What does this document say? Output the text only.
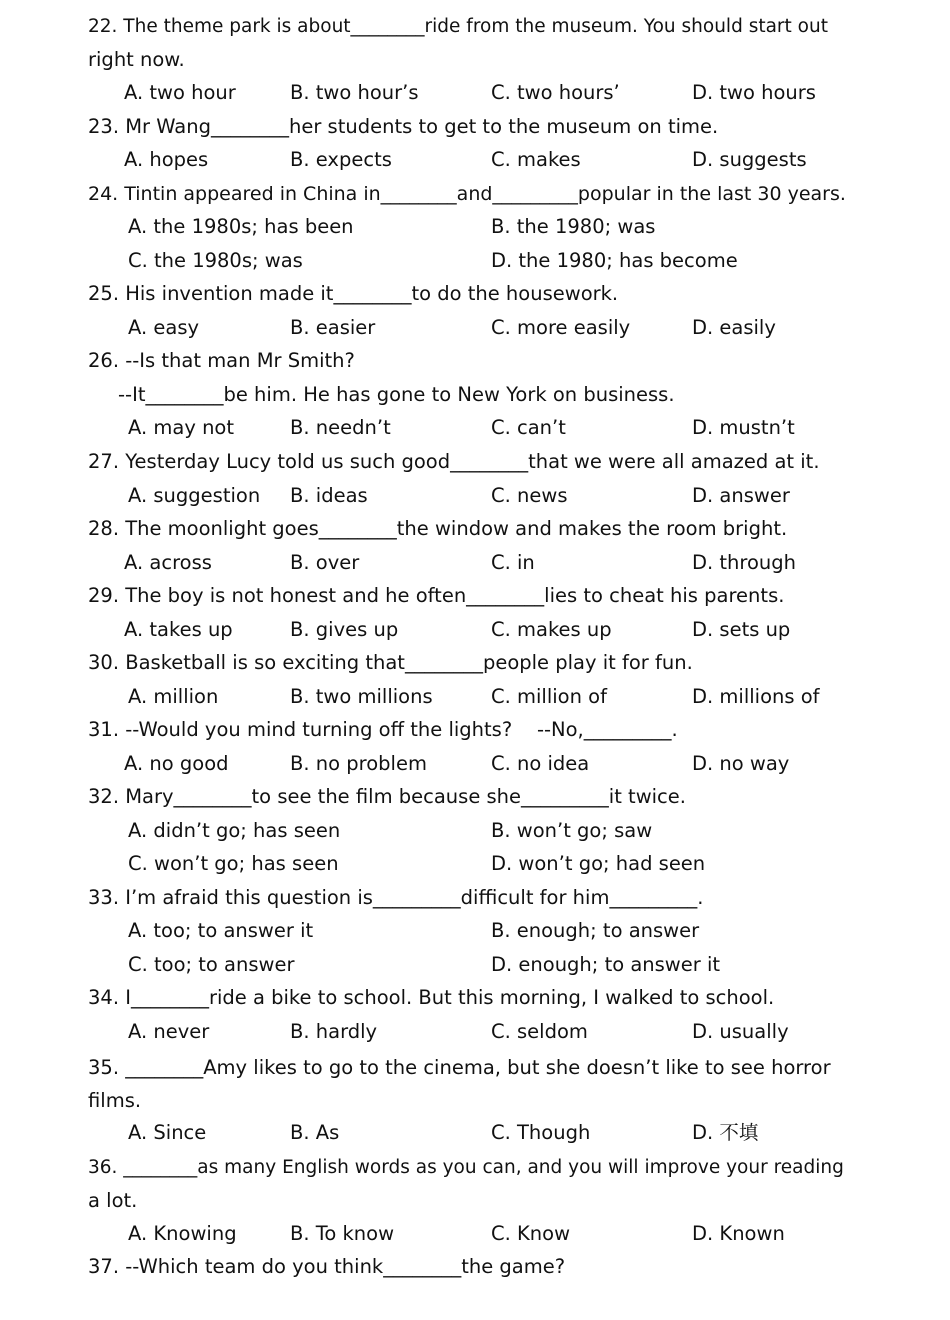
22. The theme park is about________ride from the museum. You should start out
right now.
A. two hour	B. two hour’s	C. two hours’	D. two hours
23. Mr Wang________her students to get to the museum on time.
A. hopes	B. expects	C. makes	D. suggests
24. Tintin appeared in China in________and_________popular in the last 30 years.
A. the 1980s; has been	B. the 1980; was
C. the 1980s; was	D. the 1980; has become
25. His invention made it________to do the housework.
A. easy	B. easier	C. more easily	D. easily
26. --Is that man Mr Smith?
--It________be him. He has gone to New York on business.
A. may not	B. needn’t	C. can’t	D. mustn’t
27. Yesterday Lucy told us such good________that we were all amazed at it.
A. suggestion B. ideas	C. news	D. answer
28. The moonlight goes________the window and makes the room bright.
A. across	B. over	C. in	D. through
29. The boy is not honest and he often________lies to cheat his parents.
A. takes up	B. gives up	C. makes up	D. sets up
30. Basketball is so exciting that________people play it for fun.
A. million	B. two millions	C. million of	D. millions of
31. --Would you mind turning off the lights?    --No,_________.
A. no good	B. no problem	C. no idea	D. no way
32. Mary________to see the film because she_________it twice.
A. didn’t go; has seen	B. won’t go; saw
C. won’t go; has seen	D. won’t go; had seen
33. I’m afraid this question is_________difficult for him_________.
A. too; to answer it	B. enough; to answer
C. too; to answer	D. enough; to answer it
34. I________ride a bike to school. But this morning, I walked to school.
A. never	B. hardly	C. seldom	D. usually
35. ________Amy likes to go to the cinema, but she doesn’t like to see horror
films.
A. Since	B. As	C. Though	D. 不填
36. ________as many English words as you can, and you will improve your reading
a lot.
A. Knowing	B. To know	C. Know	D. Known
37. --Which team do you think________the game?
